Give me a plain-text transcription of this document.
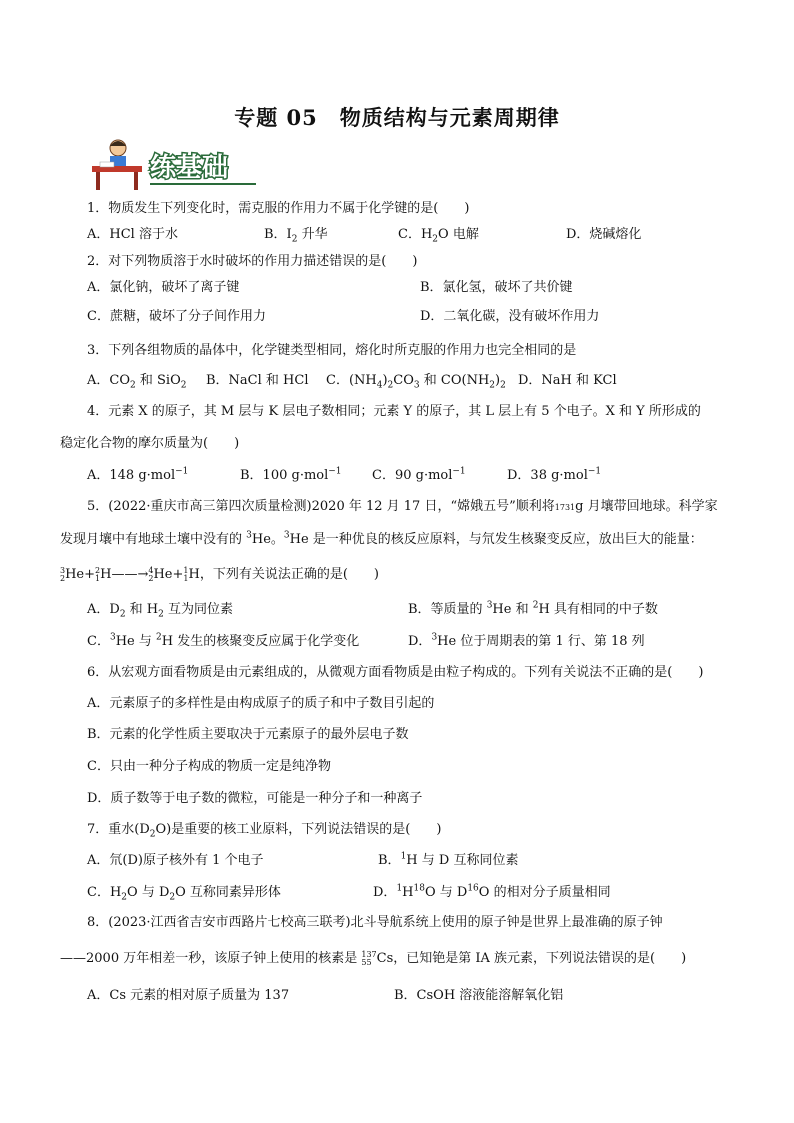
专题 05　物质结构与元素周期律
练基础
1．物质发生下列变化时，需克服的作用力不属于化学键的是(　　)
A．HCl 溶于水	B．$I_2$ 升华	C．$H_2O$ 电解	D．烧碱熔化
2．对下列物质溶于水时破坏的作用力描述错误的是(　　)
A．氯化钠，破坏了离子键	B．氯化氢，破坏了共价键
C．蔗糖，破坏了分子间作用力	D．二氧化碳，没有破坏作用力
3．下列各组物质的晶体中，化学键类型相同，熔化时所克服的作用力也完全相同的是
A．$CO_2$ 和 SiO$_2$ B．NaCl 和 HCl C．$(NH_4)_2CO_3$ 和 $CO(NH_2)_2$ D．NaH 和 KCl
4．元素 X 的原子，其 M 层与 K 层电子数相同；元素 Y 的原子，其 L 层上有 5 个电子。X 和 Y 所形成的
稳定化合物的摩尔质量为(　　)
A．148 g·mol$^{-1}$	B．100 g·mol$^{-1}$ C．90 g·mol$^{-1}$	D．38 g·mol$^{-1}$
5．(2022·重庆市高三第四次质量检测)2020 年 12 月 17 日，“嫦娥五号”顺利将1731g 月壤带回地球。科学家
发现月壤中有地球土壤中没有的 $^3$He。$^3$He 是一种优良的核反应原料，与氘发生核聚变反应，放出巨大的能量：
3
2He+2
1H——→4
2He+1
1H，下列有关说法正确的是(　　)
A．$D_2$ 和 $H_2$ 互为同位素	B．等质量的 $^3$He 和 $^2$H 具有相同的中子数
C．$^3$He 与 $^2$H 发生的核聚变反应属于化学变化	D．$^3$He 位于周期表的第 1 行、第 18 列
6．从宏观方面看物质是由元素组成的，从微观方面看物质是由粒子构成的。下列有关说法不正确的是(　　)
A．元素原子的多样性是由构成原子的质子和中子数目引起的
B．元素的化学性质主要取决于元素原子的最外层电子数
C．只由一种分子构成的物质一定是纯净物
D．质子数等于电子数的微粒，可能是一种分子和一种离子
7．重水$(D_2O)$是重要的核工业原料，下列说法错误的是(　　)
A．氘(D)原子核外有 1 个电子	B．$^1$H 与 D 互称同位素
C．$H_2O$ 与 $D_2O$ 互称同素异形体	D．$^1H^{18}O$ 与 $D^{16}O$ 的相对分子质量相同
8．(2023·江西省吉安市西路片七校高三联考)北斗导航系统上使用的原子钟是世界上最准确的原子钟
——2000 万年相差一秒，该原子钟上使用的核素是 137
55 Cs，已知铯是第 ⅠA 族元素，下列说法错误的是(　　)
A．Cs 元素的相对原子质量为 137	B．CsOH 溶液能溶解氧化铝
